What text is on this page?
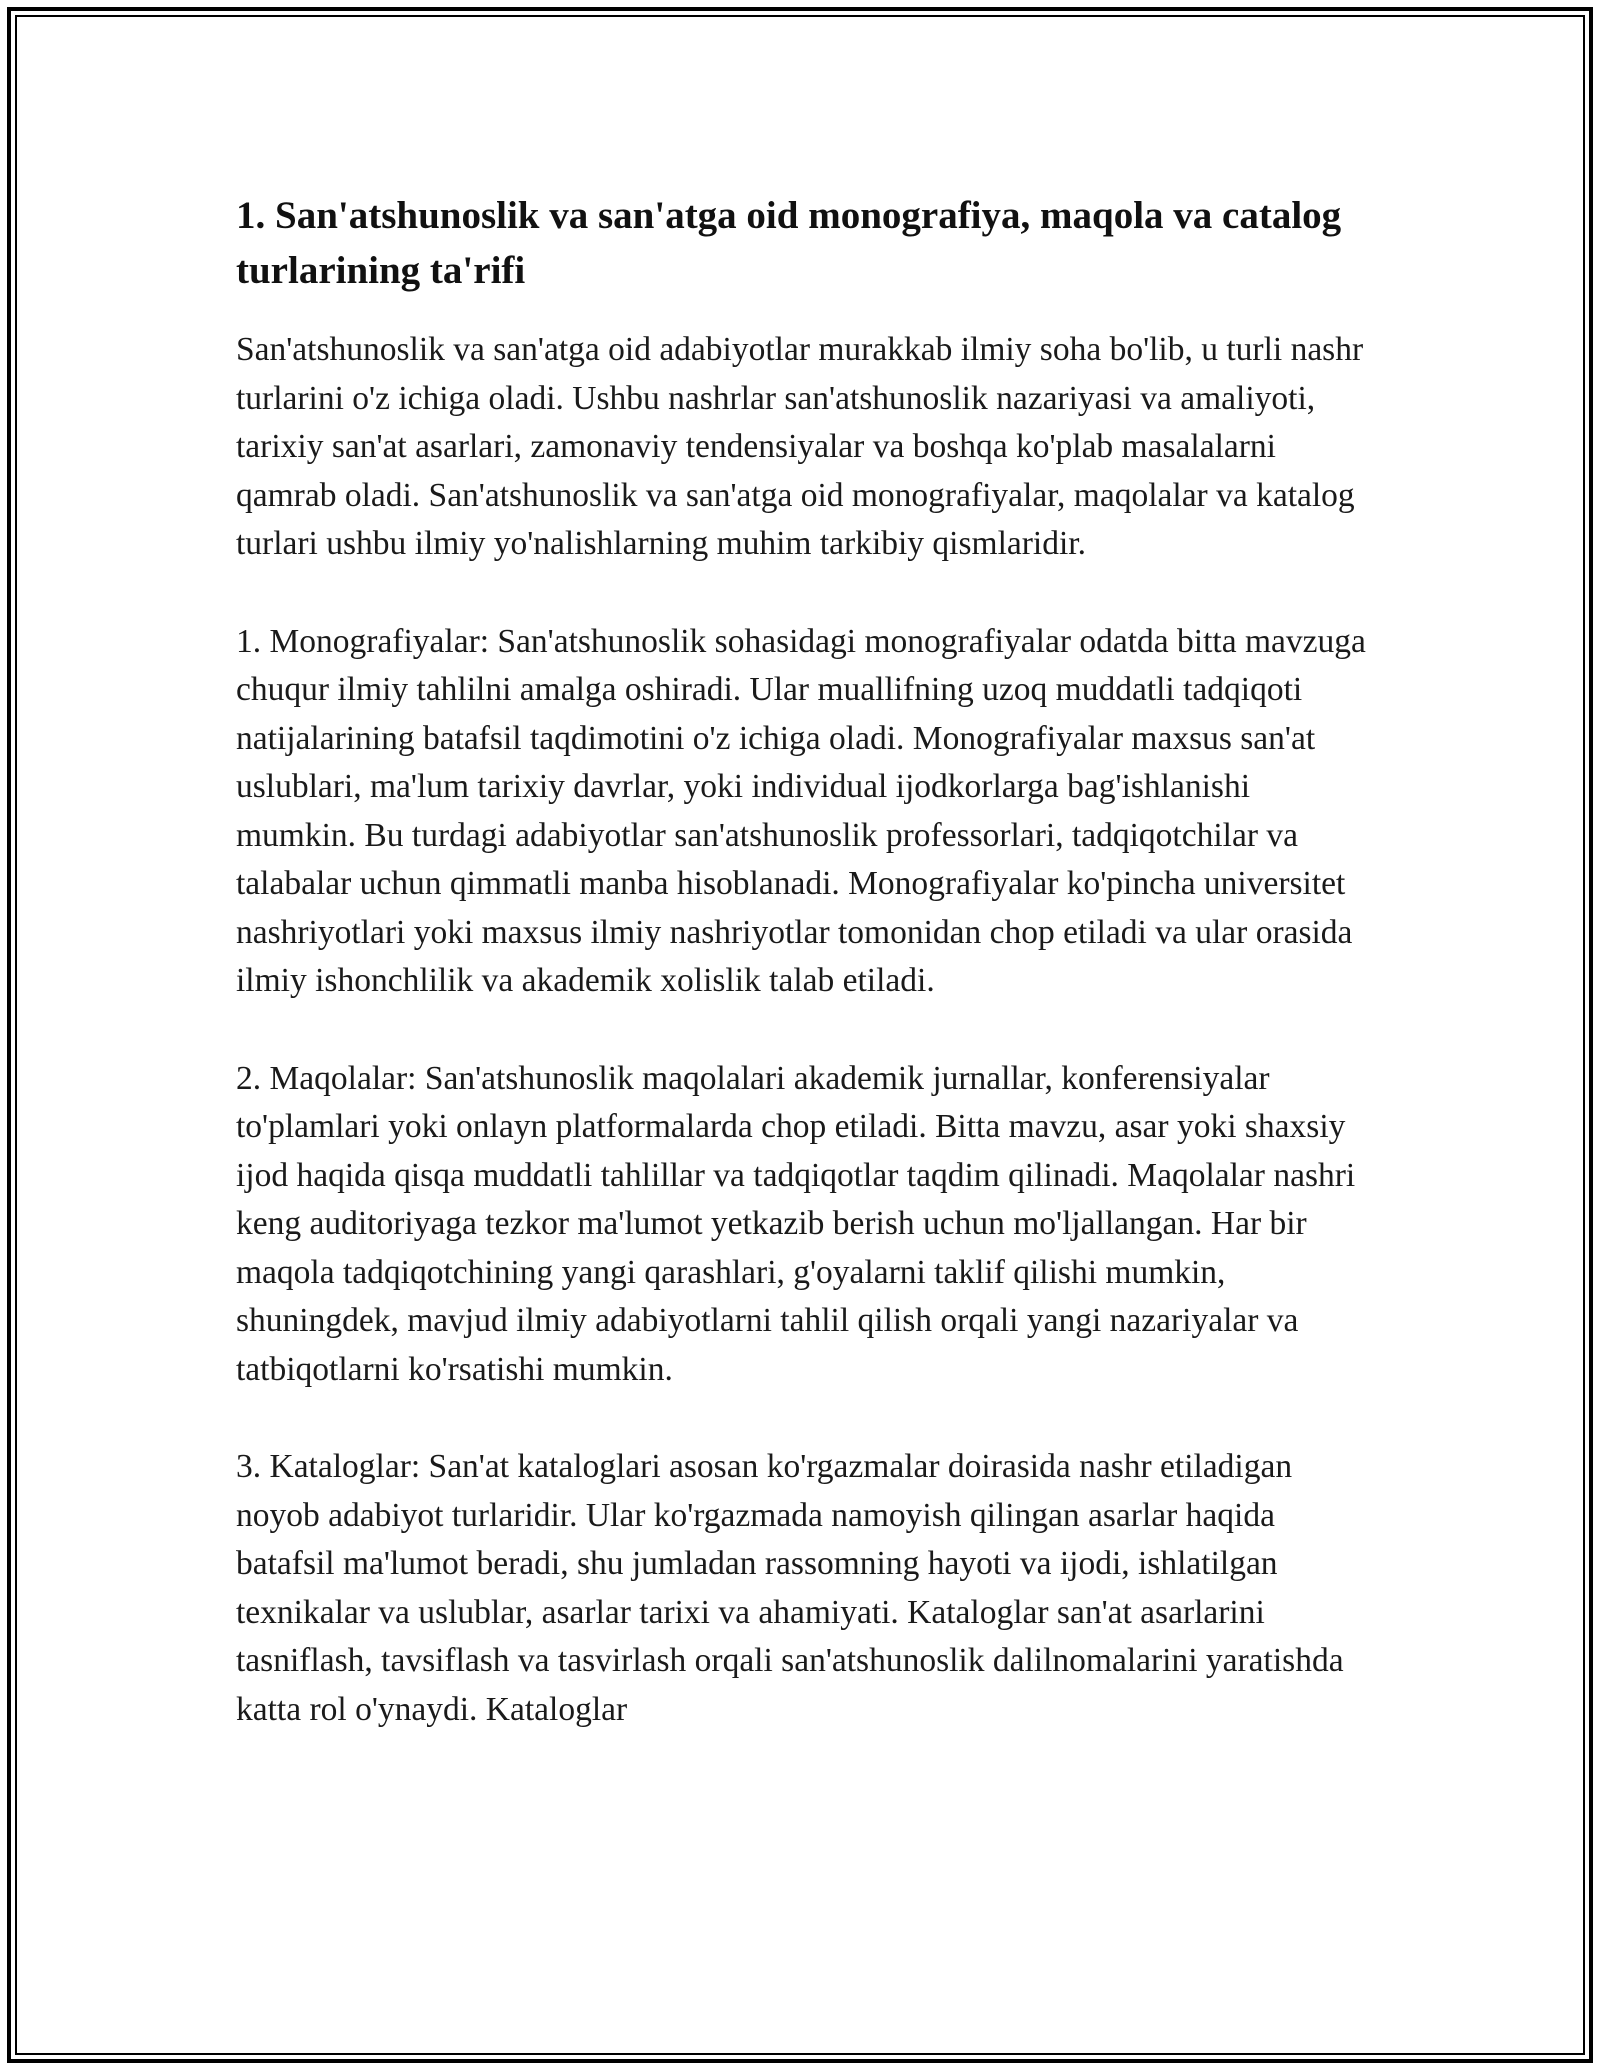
1. San'atshunoslik va san'atga oid monografiya, maqola va catalog turlarining ta'rifi

San'atshunoslik va san'atga oid adabiyotlar murakkab ilmiy soha bo'lib, u turli nashr turlarini o'z ichiga oladi. Ushbu nashrlar san'atshunoslik nazariyasi va amaliyoti, tarixiy san'at asarlari, zamonaviy tendensiyalar va boshqa ko'plab masalalarni qamrab oladi. San'atshunoslik va san'atga oid monografiyalar, maqolalar va katalog turlari ushbu ilmiy yo'nalishlarning muhim tarkibiy qismlaridir.

1. Monografiyalar: San'atshunoslik sohasidagi monografiyalar odatda bitta mavzuga chuqur ilmiy tahlilni amalga oshiradi. Ular muallifning uzoq muddatli tadqiqoti natijalarining batafsil taqdimotini o'z ichiga oladi. Monografiyalar maxsus san'at uslublari, ma'lum tarixiy davrlar, yoki individual ijodkorlarga bag'ishlanishi mumkin. Bu turdagi adabiyotlar san'atshunoslik professorlari, tadqiqotchilar va talabalar uchun qimmatli manba hisoblanadi. Monografiyalar ko'pincha universitet nashriyotlari yoki maxsus ilmiy nashriyotlar tomonidan chop etiladi va ular orasida ilmiy ishonchlilik va akademik xolislik talab etiladi.

2. Maqolalar: San'atshunoslik maqolalari akademik jurnallar, konferensiyalar to'plamlari yoki onlayn platformalarda chop etiladi. Bitta mavzu, asar yoki shaxsiy ijod haqida qisqa muddatli tahlillar va tadqiqotlar taqdim qilinadi. Maqolalar nashri keng auditoriyaga tezkor ma'lumot yetkazib berish uchun mo'ljallangan. Har bir maqola tadqiqotchining yangi qarashlari, g'oyalarni taklif qilishi mumkin, shuningdek, mavjud ilmiy adabiyotlarni tahlil qilish orqali yangi nazariyalar va tatbiqotlarni ko'rsatishi mumkin.

3. Kataloglar: San'at kataloglari asosan ko'rgazmalar doirasida nashr etiladigan noyob adabiyot turlaridir. Ular ko'rgazmada namoyish qilingan asarlar haqida batafsil ma'lumot beradi, shu jumladan rassomning hayoti va ijodi, ishlatilgan texnikalar va uslublar, asarlar tarixi va ahamiyati. Kataloglar san'at asarlarini tasniflash, tavsiflash va tasvirlash orqali san'atshunoslik dalilnomalarini yaratishda katta rol o'ynaydi. Kataloglar
